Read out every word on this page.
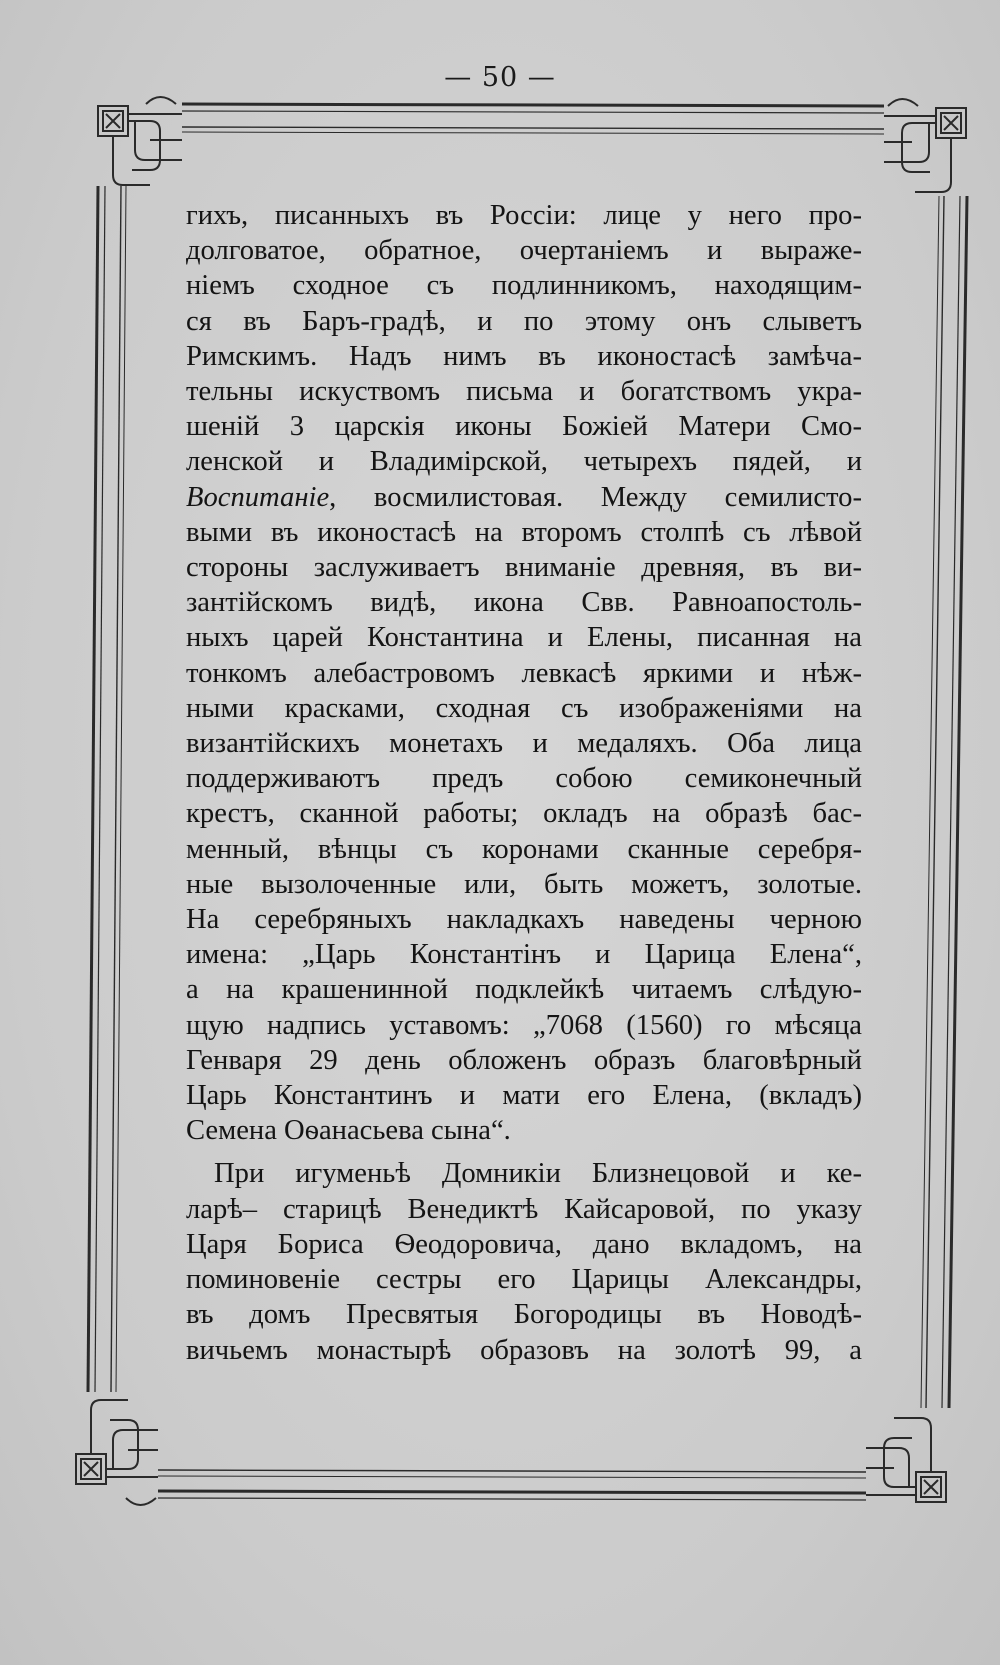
— 50 —

гихъ, писанныхъ въ Россіи: лице у него про-
долговатое, обратное, очертаніемъ и выраже-
ніемъ сходное съ подлинникомъ, находящим-
ся въ Баръ-градѣ, и по этому онъ слыветъ
Римскимъ. Надъ нимъ въ иконостасѣ замѣча-
тельны искуствомъ письма и богатствомъ укра-
шеній 3 царскія иконы Божіей Матери Смо-
ленской и Владимірской, четырехъ пядей, и
Воспитаніе, восмилистовая. Между семилисто-
выми въ иконостасѣ на второмъ столпѣ съ лѣвой
стороны заслуживаетъ вниманіе древняя, въ ви-
зантійскомъ видѣ, икона Свв. Равноапостоль-
ныхъ царей Константина и Елены, писанная на
тонкомъ алебастровомъ левкасѣ яркими и нѣж-
ными красками, сходная съ изображеніями на
византійскихъ монетахъ и медаляхъ. Оба лица
поддерживаютъ предъ собою семиконечный
крестъ, сканной работы; окладъ на образѣ бас-
менный, вѣнцы съ коронами сканные серебря-
ные вызолоченные или, быть можетъ, золотые.
На серебряныхъ накладкахъ наведены черною
имена: „Царь Константінъ и Царица Елена“,
а на крашенинной подклейкѣ читаемъ слѣдую-
щую надпись уставомъ: „7068 (1560) го мѣсяца
Генваря 29 день обложенъ образъ благовѣрный
Царь Константинъ и мати его Елена, (вкладъ)
Семена Оѳанасьева сына“.

При игуменьѣ Домникіи Близнецовой и ке-
ларѣ– старицѣ Венедиктѣ Кайсаровой, по указу
Царя Бориса Ѳеодоровича, дано вкладомъ, на
поминовеніе сестры его Царицы Александры,
въ домъ Пресвятыя Богородицы въ Новодѣ-
вичьемъ монастырѣ образовъ на золотѣ 99, а
